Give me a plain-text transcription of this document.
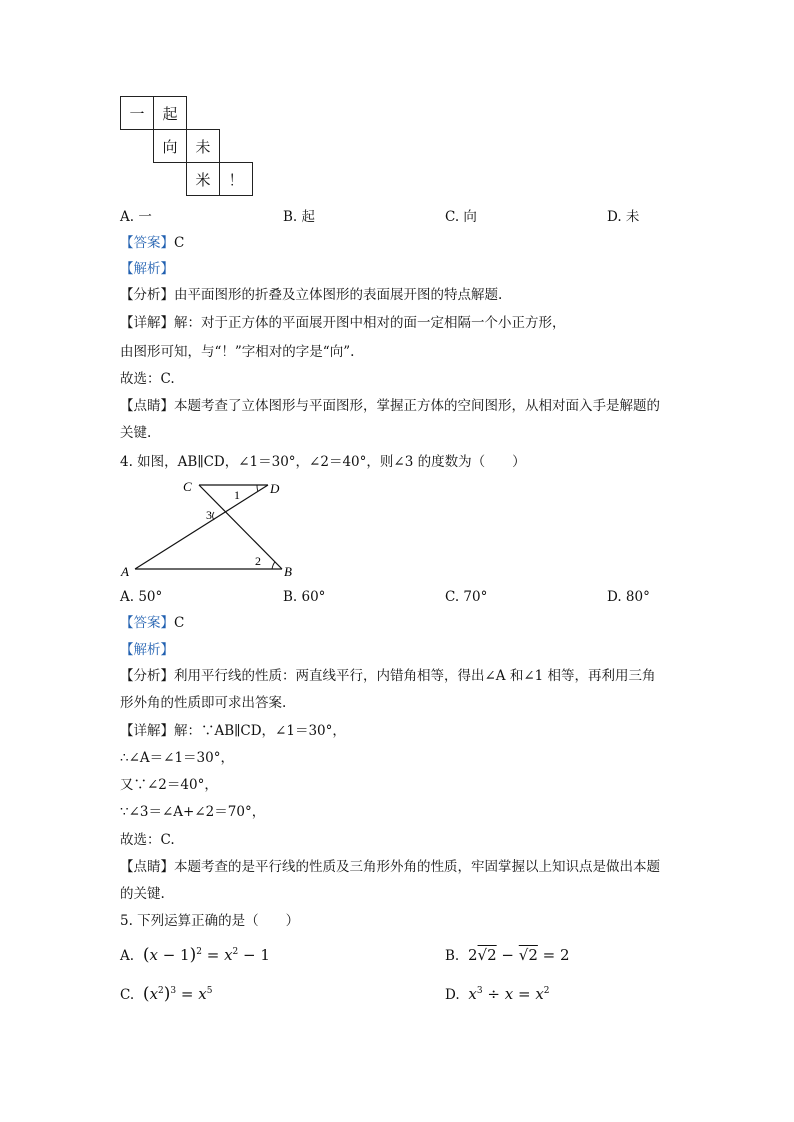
一	起
向	未
米	！
A. 一	B. 起	C. 向	D. 未
【答案】C
【解析】
【分析】由平面图形的折叠及立体图形的表面展开图的特点解题.
【详解】解：对于正方体的平面展开图中相对的面一定相隔一个小正方形，
由图形可知，与“！”字相对的字是“向”.
故选：C.
【点睛】本题考查了立体图形与平面图形，掌握正方体的空间图形，从相对面入手是解题的
关键.
4. 如图，AB∥CD，∠1＝30°，∠2＝40°，则∠3 的度数为（　　）
C	D
A	B
1
2
3
A. 50°	B. 60°	C. 70°	D. 80°
【答案】C
【解析】
【分析】利用平行线的性质：两直线平行，内错角相等，得出∠A 和∠1 相等，再利用三角
形外角的性质即可求出答案.
【详解】解：∵AB∥CD，∠1＝30°，
∴∠A＝∠1＝30°，
又∵∠2＝40°，
∵∠3＝∠A+∠2＝70°，
故选：C.
【点睛】本题考查的是平行线的性质及三角形外角的性质，牢固掌握以上知识点是做出本题
的关键.
5. 下列运算正确的是（　　）
A. $(x - 1)^2 = x^2 - 1$	B. 2√2 − √2 = 2
C. $(x^2)^3 = x^5$	D. $x^3 \div x = x^2$
